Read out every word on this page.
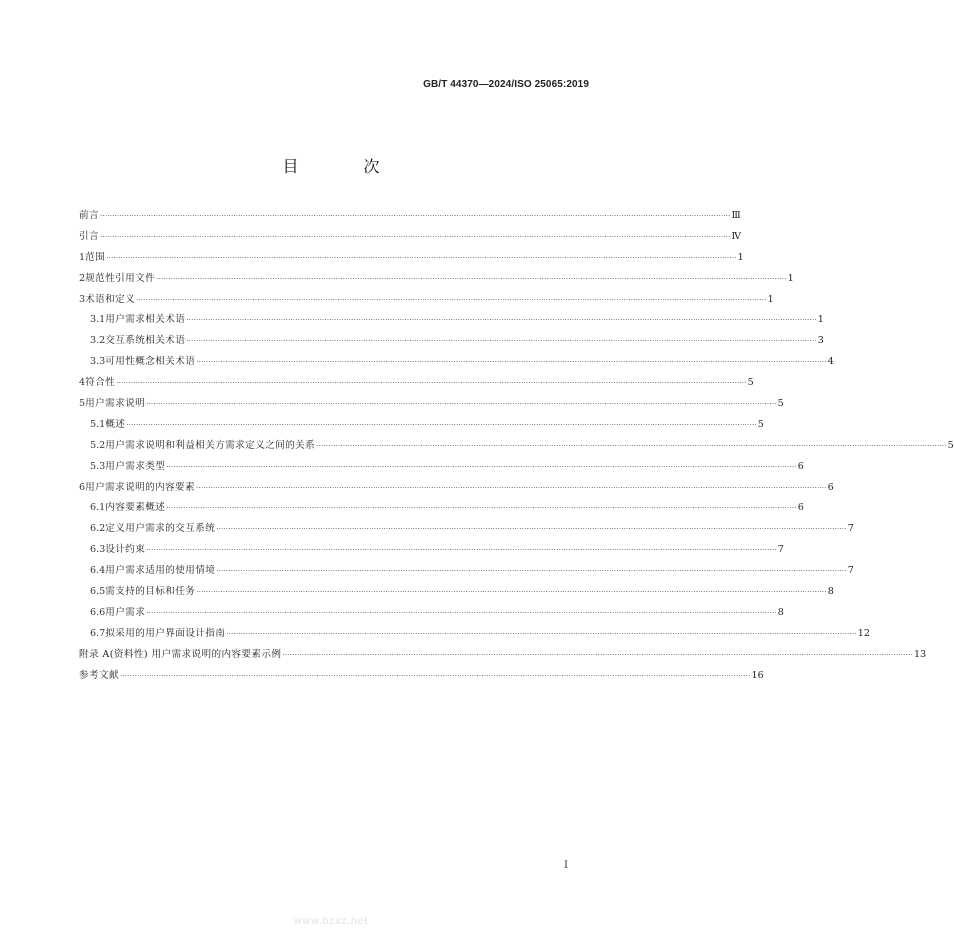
GB/T 44370—2024/ISO 25065:2019
目 次
前言 ···································································································································································································································································· Ⅲ
引言 ···································································································································································································································································· Ⅳ
1 范围 ···································································································································································································································································· 1
2 规范性引用文件 ···································································································································································································································································· 1
3 术语和定义 ···································································································································································································································································· 1
3.1 用户需求相关术语 ···································································································································································································································································· 1
3.2 交互系统相关术语 ···································································································································································································································································· 3
3.3 可用性概念相关术语 ···································································································································································································································································· 4
4 符合性 ···································································································································································································································································· 5
5 用户需求说明 ···································································································································································································································································· 5
5.1 概述 ···································································································································································································································································· 5
5.2 用户需求说明和利益相关方需求定义之间的关系 ···································································································································································································································································· 5
5.3 用户需求类型 ···································································································································································································································································· 6
6 用户需求说明的内容要素 ···································································································································································································································································· 6
6.1 内容要素概述 ···································································································································································································································································· 6
6.2 定义用户需求的交互系统 ···································································································································································································································································· 7
6.3 设计约束 ···································································································································································································································································· 7
6.4 用户需求适用的使用情境 ···································································································································································································································································· 7
6.5 需支持的目标和任务 ···································································································································································································································································· 8
6.6 用户需求 ···································································································································································································································································· 8
6.7 拟采用的用户界面设计指南 ···································································································································································································································································· 12
附录 A(资料性) 用户需求说明的内容要素示例 ···································································································································································································································································· 13
参考文献 ···································································································································································································································································· 16
Ⅰ
www.bzxz.net
